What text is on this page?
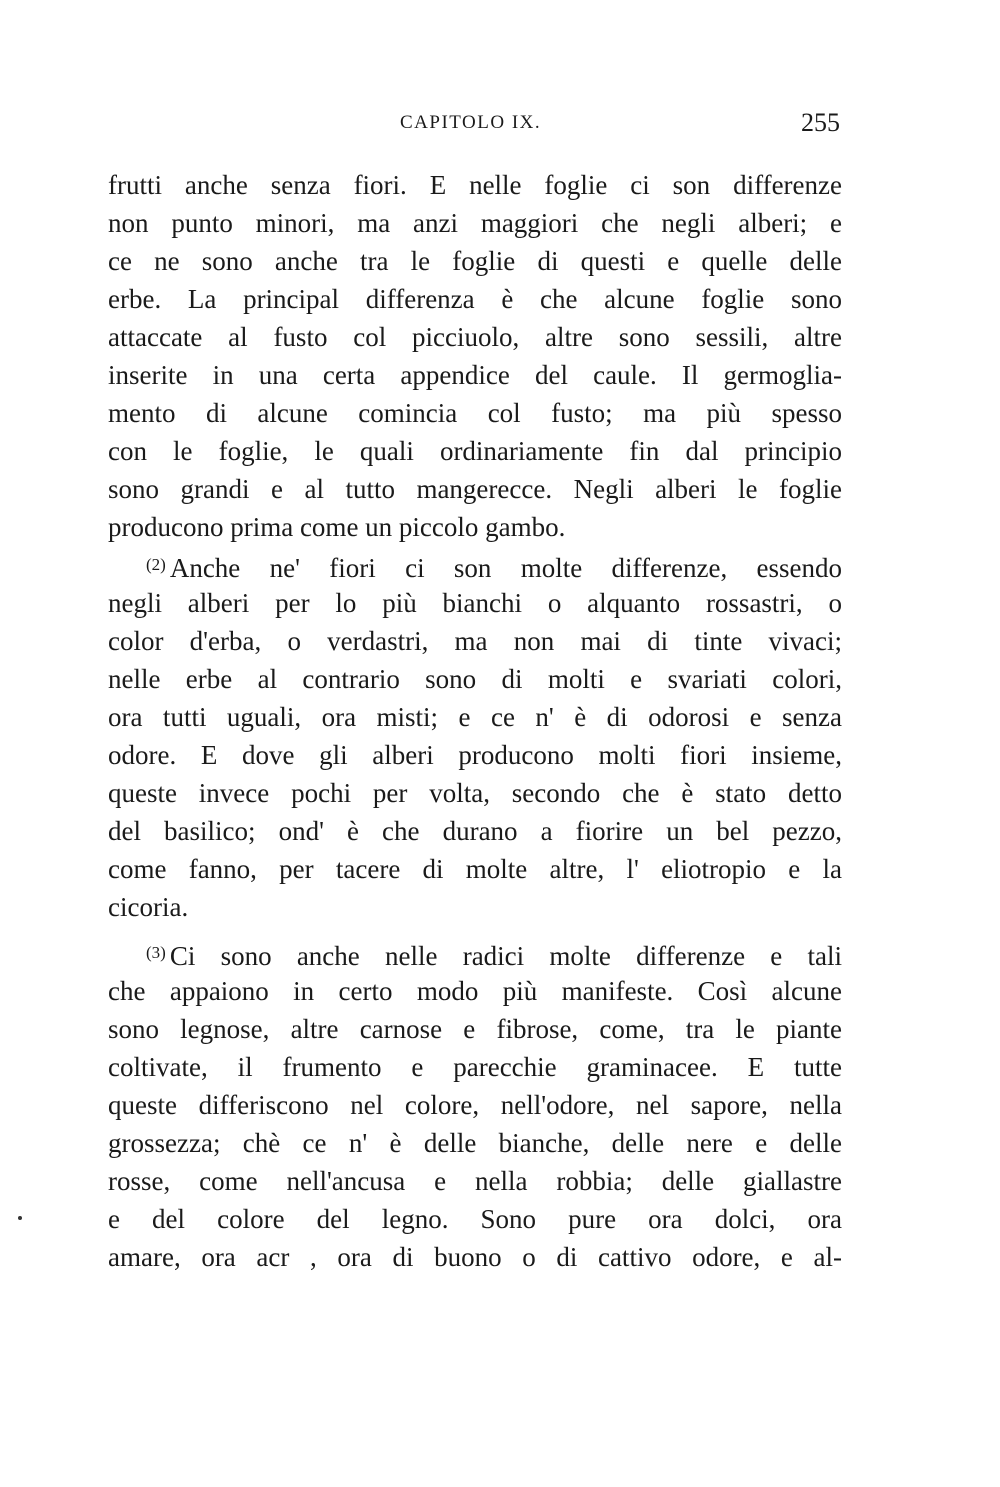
CAPITOLO IX.	255
frutti anche senza fiori. E nelle foglie ci son differenze
non punto minori, ma anzi maggiori che negli alberi; e
ce ne sono anche tra le foglie di questi e quelle delle
erbe. La principal differenza è che alcune foglie sono
attaccate al fusto col picciuolo, altre sono sessili, altre
inserite in una certa appendice del caule. Il germoglia-
mento di alcune comincia col fusto; ma più spesso
con le foglie, le quali ordinariamente fin dal principio
sono grandi e al tutto mangerecce. Negli alberi le foglie
producono prima come un piccolo gambo.
$^{(2)}$ Anche ne' fiori ci son molte differenze, essendo
negli alberi per lo più bianchi o alquanto rossastri, o
color d'erba, o verdastri, ma non mai di tinte vivaci;
nelle erbe al contrario sono di molti e svariati colori,
ora tutti uguali, ora misti; e ce n' è di odorosi e senza
odore. E dove gli alberi producono molti fiori insieme,
queste invece pochi per volta, secondo che è stato detto
del basilico; ond' è che durano a fiorire un bel pezzo,
come fanno, per tacere di molte altre, l' eliotropio e la
cicoria.
$^{(3)}$ Ci sono anche nelle radici molte differenze e tali
che appaiono in certo modo più manifeste. Così alcune
sono legnose, altre carnose e fibrose, come, tra le piante
coltivate, il frumento e parecchie graminacee. E tutte
queste differiscono nel colore, nell'odore, nel sapore, nella
grossezza; chè ce n' è delle bianche, delle nere e delle
rosse, come nell'ancusa e nella robbia; delle giallastre
e del colore del legno. Sono pure ora dolci, ora
amare, ora acr , ora di buono o di cattivo odore, e al-
